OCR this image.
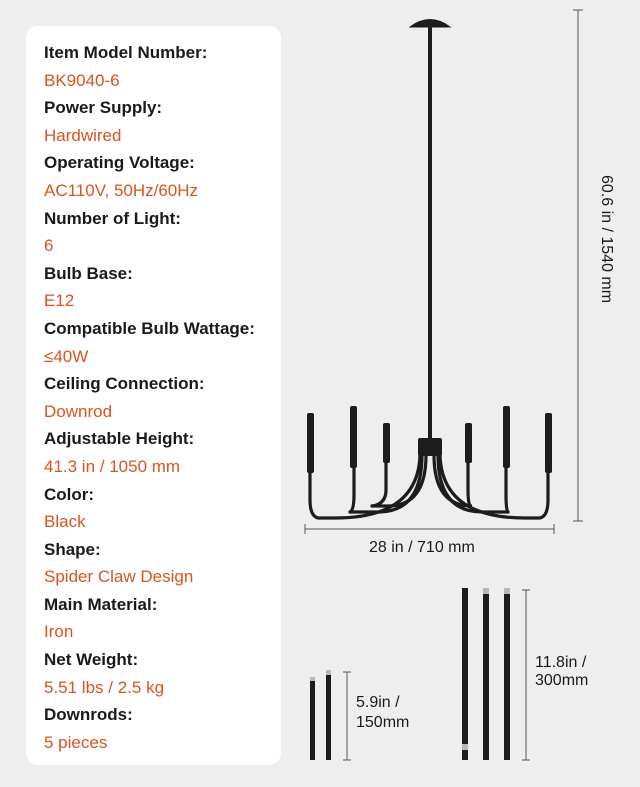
Item Model Number:
BK9040-6
Power Supply:
Hardwired
Operating Voltage:
AC110V, 50Hz/60Hz
Number of Light:
6
Bulb Base:
E12
Compatible Bulb Wattage:
≤40W
Ceiling Connection:
Downrod
Adjustable Height:
41.3 in / 1050 mm
Color:
Black
Shape:
Spider Claw Design
Main Material:
Iron
Net Weight:
5.51 lbs / 2.5 kg
Downrods:
5 pieces
60.6 in / 1540 mm
28 in / 710 mm
5.9in /
150mm
11.8in /
300mm
